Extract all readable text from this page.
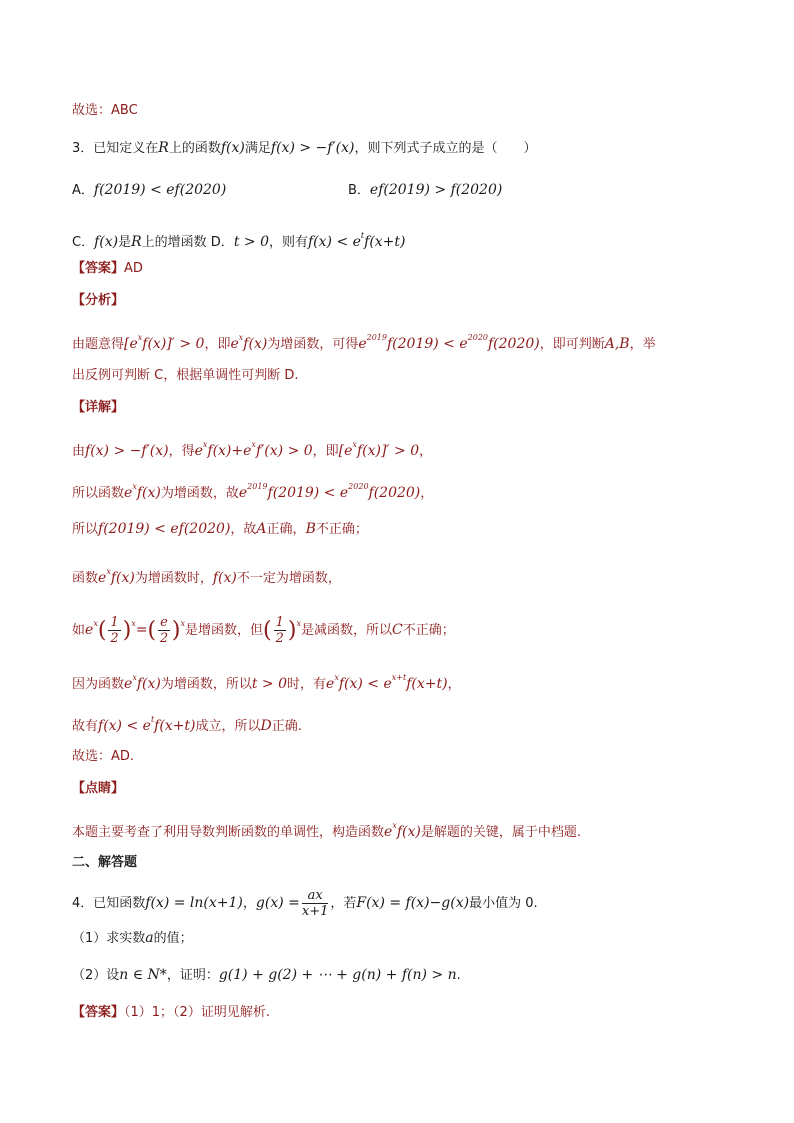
故选：ABC
3．已知定义在R上的函数f(x)满足f(x) > −f′(x)，则下列式子成立的是（　　）
A．f(2019) < ef(2020)	B．ef(2019) > f(2020)
C．f(x)是R上的增函数 D．t > 0，则有$f(x) < e^tf(x+t)$
【答案】AD
【分析】
由题意得$[e^xf(x)]' > 0$，即$e^xf(x)$为增函数，可得$e^{2019}f(2019) < e^{2020}f(2020)$，即可判断A,B，举
出反例可判断 C，根据单调性可判断 D.
【详解】
由f(x) > −f′(x)，得$e^xf(x)+e^xf'(x) > 0$，即$[e^xf(x)]' > 0$，
所以函数$e^xf(x)$为增函数，故$e^{2019}f(2019) < e^{2020}f(2020)$，
所以f(2019) < ef(2020)，故A正确，B不正确；
函数$e^xf(x)$为增函数时，f(x)不一定为增函数，
如$e^x( \frac{1}{2} )^x=( \frac{e}{2} )^x$是增函数，但( $\frac{1}{2} )^x$是减函数，所以C不正确；
因为函数$e^xf(x)$为增函数，所以t > 0时，有$e^xf(x) < e^{x+t}f(x+t)$，
故有$f(x) < e^tf(x+t)$成立，所以D正确.
故选：AD.
【点睛】
本题主要考查了利用导数判断函数的单调性，构造函数$e^xf(x)$是解题的关键，属于中档题.
二、解答题
4．已知函数f(x) = ln(x+1)，$g(x) = \frac{ax}{x+1}$ ，若F(x) = f(x)−g(x)最小值为 0.
（1）求实数a的值；
（2）设n ∈ N*，证明：g(1) + g(2) + ⋯ + g(n) + f(n) > n.
【答案】（1）1；（2）证明见解析.
